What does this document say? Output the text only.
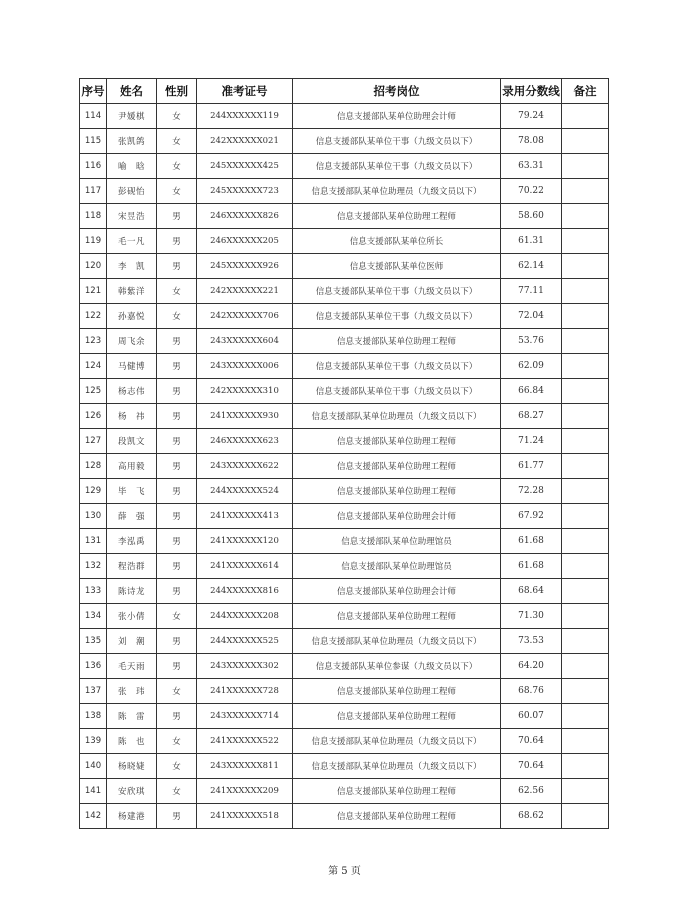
序号	姓名	性别	准考证号	招考岗位	录用分数线	备注
114	尹媛棋	女	244XXXXXX119	信息支援部队某单位助理会计师	79.24	
115	张凯鸽	女	242XXXXXX021	信息支援部队某单位干事（九级文员以下）	78.08	
116	喻　晗	女	245XXXXXX425	信息支援部队某单位干事（九级文员以下）	63.31	
117	彭砚怡	女	245XXXXXX723	信息支援部队某单位助理员（九级文员以下）	70.22	
118	宋昱浩	男	246XXXXXX826	信息支援部队某单位助理工程师	58.60	
119	毛一凡	男	246XXXXXX205	信息支援部队某单位所长	61.31	
120	李　凯	男	245XXXXXX926	信息支援部队某单位医师	62.14	
121	韩紫洋	女	242XXXXXX221	信息支援部队某单位干事（九级文员以下）	77.11	
122	孙嘉悦	女	242XXXXXX706	信息支援部队某单位干事（九级文员以下）	72.04	
123	周飞余	男	243XXXXXX604	信息支援部队某单位助理工程师	53.76	
124	马健博	男	243XXXXXX006	信息支援部队某单位干事（九级文员以下）	62.09	
125	杨志伟	男	242XXXXXX310	信息支援部队某单位干事（九级文员以下）	66.84	
126	杨　祎	男	241XXXXXX930	信息支援部队某单位助理员（九级文员以下）	68.27	
127	段凯文	男	246XXXXXX623	信息支援部队某单位助理工程师	71.24	
128	高用毅	男	243XXXXXX622	信息支援部队某单位助理工程师	61.77	
129	毕　飞	男	244XXXXXX524	信息支援部队某单位助理工程师	72.28	
130	薛　强	男	241XXXXXX413	信息支援部队某单位助理会计师	67.92	
131	李泓禹	男	241XXXXXX120	信息支援部队某单位助理馆员	61.68	
132	程浩群	男	241XXXXXX614	信息支援部队某单位助理馆员	61.68	
133	陈诗龙	男	244XXXXXX816	信息支援部队某单位助理会计师	68.64	
134	张小倩	女	244XXXXXX208	信息支援部队某单位助理工程师	71.30	
135	刘　潮	男	244XXXXXX525	信息支援部队某单位助理员（九级文员以下）	73.53	
136	毛天雨	男	243XXXXXX302	信息支援部队某单位参谋（九级文员以下）	64.20	
137	张　玮	女	241XXXXXX728	信息支援部队某单位助理工程师	68.76	
138	陈　雷	男	243XXXXXX714	信息支援部队某单位助理工程师	60.07	
139	陈　也	女	241XXXXXX522	信息支援部队某单位助理员（九级文员以下）	70.64	
140	杨晓婕	女	243XXXXXX811	信息支援部队某单位助理员（九级文员以下）	70.64	
141	安欣琪	女	241XXXXXX209	信息支援部队某单位助理工程师	62.56	
142	杨建港	男	241XXXXXX518	信息支援部队某单位助理工程师	68.62	
第 5 页
